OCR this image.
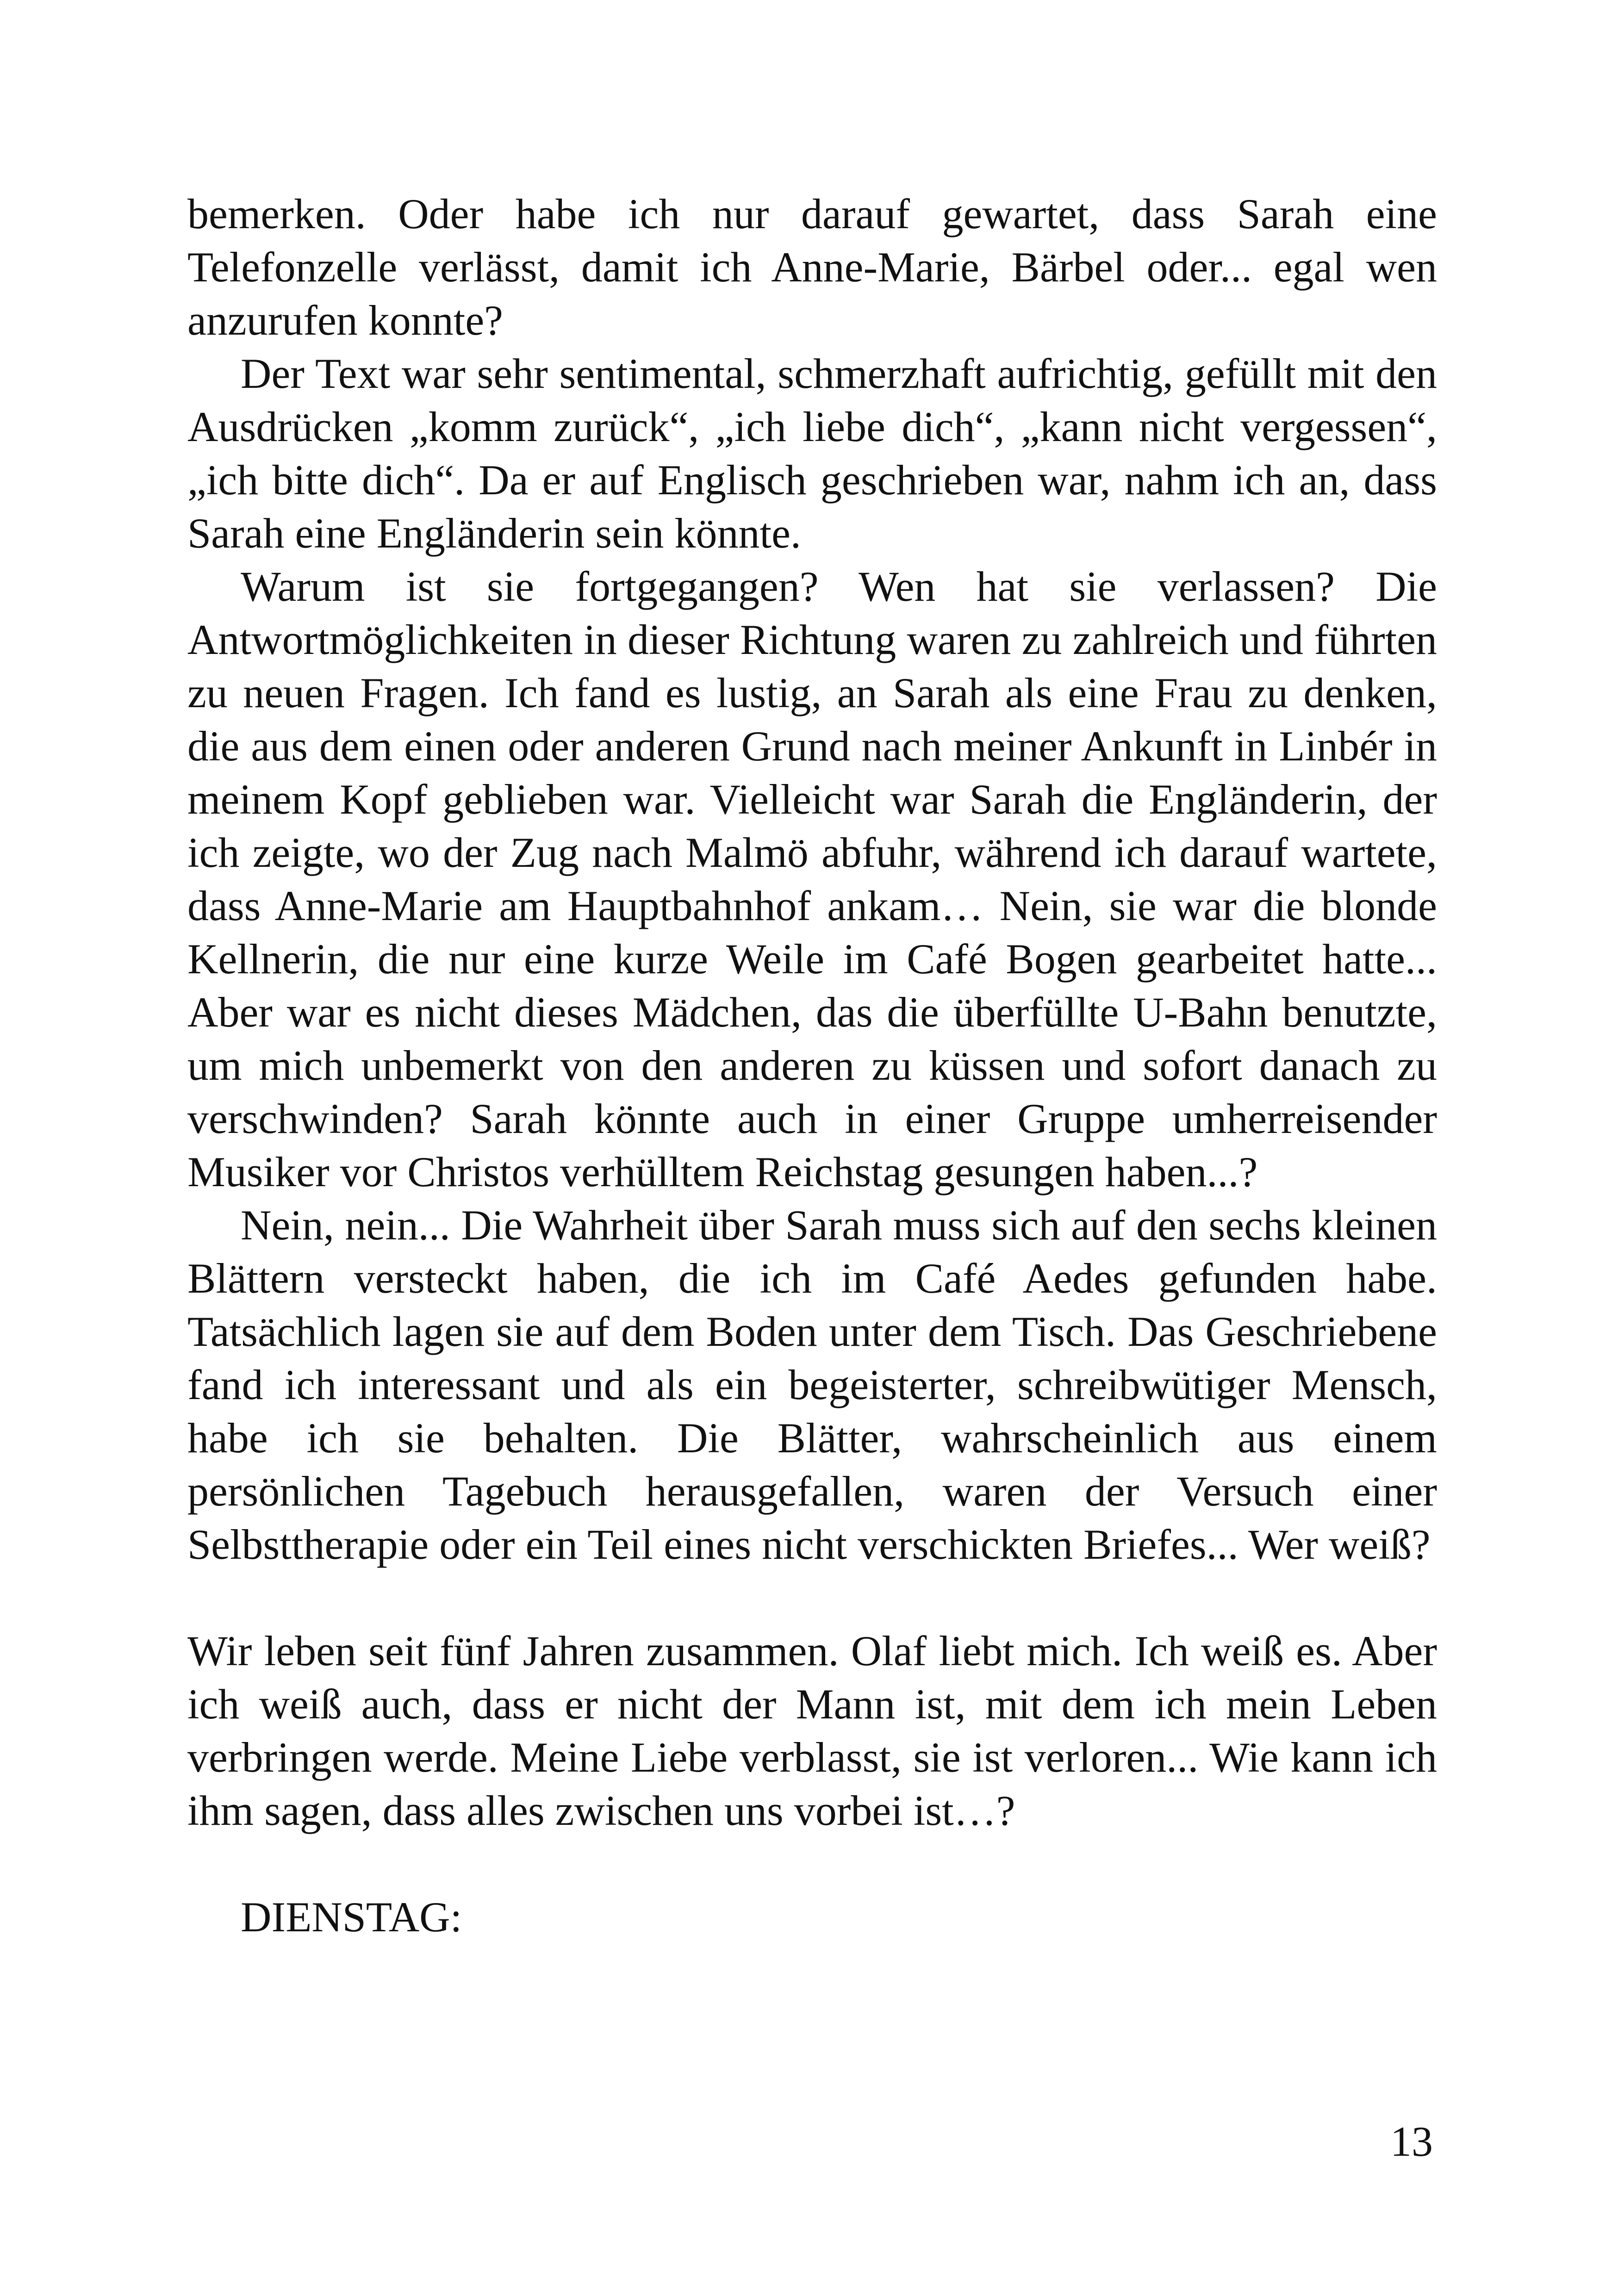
bemerken. Oder habe ich nur darauf gewartet, dass Sarah eine Telefonzelle verlässt, damit ich Anne-Marie, Bärbel oder... egal wen anzurufen konnte?

Der Text war sehr sentimental, schmerzhaft aufrichtig, gefüllt mit den Ausdrücken „komm zurück“, „ich liebe dich“, „kann nicht vergessen“, „ich bitte dich“. Da er auf Englisch geschrieben war, nahm ich an, dass Sarah eine Engländerin sein könnte.

Warum ist sie fortgegangen? Wen hat sie verlassen? Die Antwortmöglichkeiten in dieser Richtung waren zu zahlreich und führten zu neuen Fragen. Ich fand es lustig, an Sarah als eine Frau zu denken, die aus dem einen oder anderen Grund nach meiner Ankunft in Linbér in meinem Kopf geblieben war. Vielleicht war Sarah die Engländerin, der ich zeigte, wo der Zug nach Malmö abfuhr, während ich darauf wartete, dass Anne-Marie am Hauptbahnhof ankam… Nein, sie war die blonde Kellnerin, die nur eine kurze Weile im Café Bogen gearbeitet hatte... Aber war es nicht dieses Mädchen, das die überfüllte U-Bahn benutzte, um mich unbemerkt von den anderen zu küssen und sofort danach zu verschwinden? Sarah könnte auch in einer Gruppe umherreisender Musiker vor Christos verhülltem Reichstag gesungen haben...?

Nein, nein... Die Wahrheit über Sarah muss sich auf den sechs kleinen Blättern versteckt haben, die ich im Café Aedes gefunden habe. Tatsächlich lagen sie auf dem Boden unter dem Tisch. Das Geschriebene fand ich interessant und als ein begeisterter, schreibwütiger Mensch, habe ich sie behalten. Die Blätter, wahrscheinlich aus einem persönlichen Tagebuch herausgefallen, waren der Versuch einer Selbsttherapie oder ein Teil eines nicht verschickten Briefes... Wer weiß?

Wir leben seit fünf Jahren zusammen. Olaf liebt mich. Ich weiß es. Aber ich weiß auch, dass er nicht der Mann ist, mit dem ich mein Leben verbringen werde. Meine Liebe verblasst, sie ist verloren... Wie kann ich ihm sagen, dass alles zwischen uns vorbei ist…?

DIENSTAG:

13
